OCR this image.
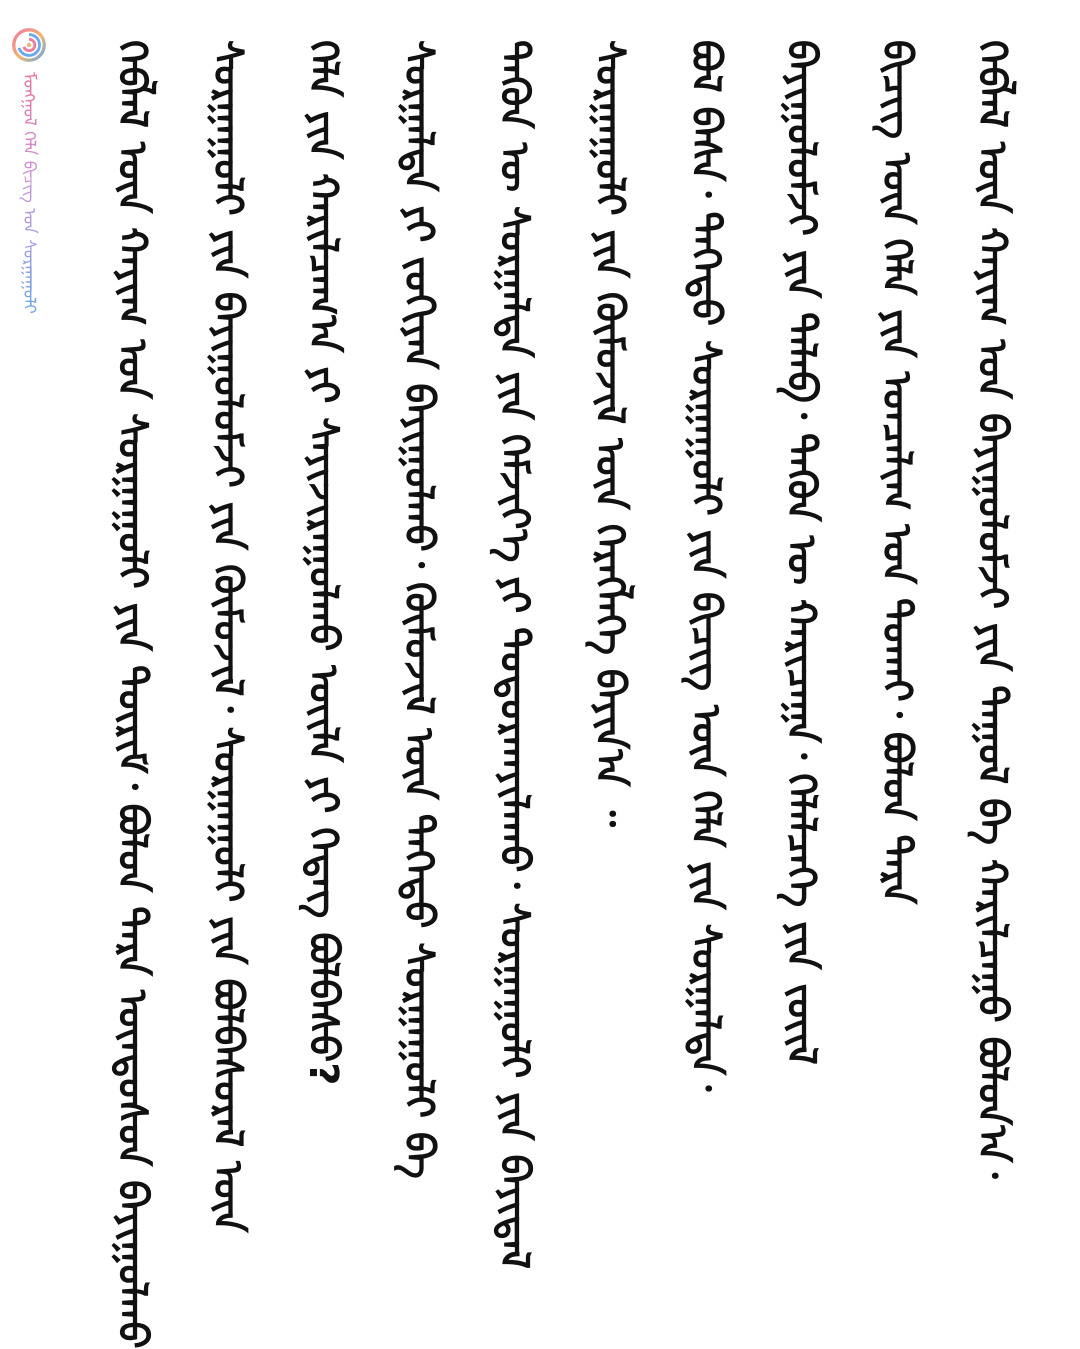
ᠮᠣᠩᠭᠣᠯ ᠬᠡᠯᠡ ᠪᠢᠴᠢᠭ ᠤᠨ ᠰᠤᠷᠭᠠᠭᠤᠯᠢ	ᠬᠡᠪᠯᠡᠯ ᠦᠨ ᠬᠠᠶᠢᠭ ᠤᠨ ᠪᠠᠶᠢᠭᠤᠯᠤᠮᠵᠢ ᠶᠢᠨ ᠳᠠᠭᠤᠯ ᠪᠠ ᠬᠠᠷᠢᠯᠴᠠᠭᠤ ᠪᠣᠯᠤᠨ᠎ᠠ᠂
ᠪᠢᠴᠢᠭ ᠦᠨ ᠬᠡᠯᠡ ᠶᠢᠨ ᠣᠨᠴᠠᠯᠢᠭ ᠤᠨ ᠲᠤᠬᠠᠢ᠂ ᠪᠣᠯᠤᠨ ᠲᠡᠷᠡ
ᠪᠠᠶᠢᠭᠤᠯᠤᠮᠵᠢ ᠶᠢᠨ ᠲᠡᠯᠡᠪ᠂ ᠲᠡᠭᠦᠨ ᠦ ᠬᠠᠷᠢᠴᠠᠭᠠ᠂ ᠬᠡᠯᠡᠯᠴᠡᠭᠡ ᠶᠢᠨ ᠵᠦᠢᠯ
ᠪᠣᠯ ᠪᠠᠰᠠ᠂ ᠳᠡᠭᠡᠳᠦ ᠰᠤᠷᠭᠠᠭᠤᠯᠢ ᠶᠢᠨ ᠪᠢᠴᠢᠭ ᠦᠨ ᠬᠡᠯᠡ ᠶᠢᠨ ᠰᠤᠷᠭᠠᠯᠲᠠ᠂
ᠰᠤᠷᠭᠠᠭᠤᠯᠢ ᠶᠢᠨ ᠬᠦᠮᠦᠵᠢᠯ ᠦᠨ ᠬᠡᠷᠡᠭᠯᠡᠭᠡ ᠪᠠᠶᠢᠨ᠎ᠠ ᠃
ᠲᠡᠭᠦᠨ ᠦ ᠰᠤᠷᠭᠠᠯᠲᠠ ᠶᠢᠨ ᠬᠡᠮᠵᠢᠶ᠎ᠡ ᠶᠢ ᠲᠣᠳᠤᠷᠬᠠᠶᠢᠯᠠᠬᠤ᠂ ᠰᠤᠷᠭᠠᠭᠤᠯᠢ ᠶᠢᠨ ᠪᠠᠶᠢᠳᠠᠯ
ᠰᠤᠷᠭᠠᠯᠲᠠ ᠶᠢ ᠵᠣᠬᠢᠶᠠᠨ ᠪᠠᠶᠢᠭᠤᠯᠬᠤ᠂ ᠬᠦᠮᠦᠵᠢᠯ ᠦᠨ ᠳᠡᠭᠡᠳᠦ ᠰᠤᠷᠭᠠᠭᠤᠯᠢ ᠪᠠ
ᠬᠡᠯᠡ ᠶᠢᠨ ᠬᠠᠷᠢᠯᠴᠠᠭ᠎ᠠ ᠶᠢ ᠰᠠᠶᠢᠵᠢᠷᠠᠭᠤᠯᠬᠤ ᠦᠢᠯᠡ ᠶᠢ ᠭᠡᠳᠡᠭ ᠪᠣᠯᠪᠠᠰᠤ?
ᠰᠤᠷᠭᠠᠭᠤᠯᠢ ᠶᠢᠨ ᠪᠠᠶᠢᠭᠤᠯᠤᠮᠵᠢ ᠶᠢᠨ ᠬᠦᠮᠦᠵᠢᠯ᠂ ᠰᠤᠷᠭᠠᠭᠤᠯᠢ ᠶᠢᠨ ᠪᠣᠯᠪᠠᠰᠤᠷᠠᠯ ᠦᠨ
ᠬᠡᠪᠯᠡᠯ ᠦᠨ ᠬᠠᠶᠢᠭ ᠤᠨ ᠰᠤᠷᠭᠠᠭᠤᠯᠢ ᠶᠢᠨ ᠳᠦᠷᠢᠮ᠂ ᠪᠣᠯᠤᠨ ᠲᠡᠷᠡ ᠦᠨᠳᠦᠰᠦᠨ ᠪᠠᠶᠢᠭᠤᠯᠬᠤ
